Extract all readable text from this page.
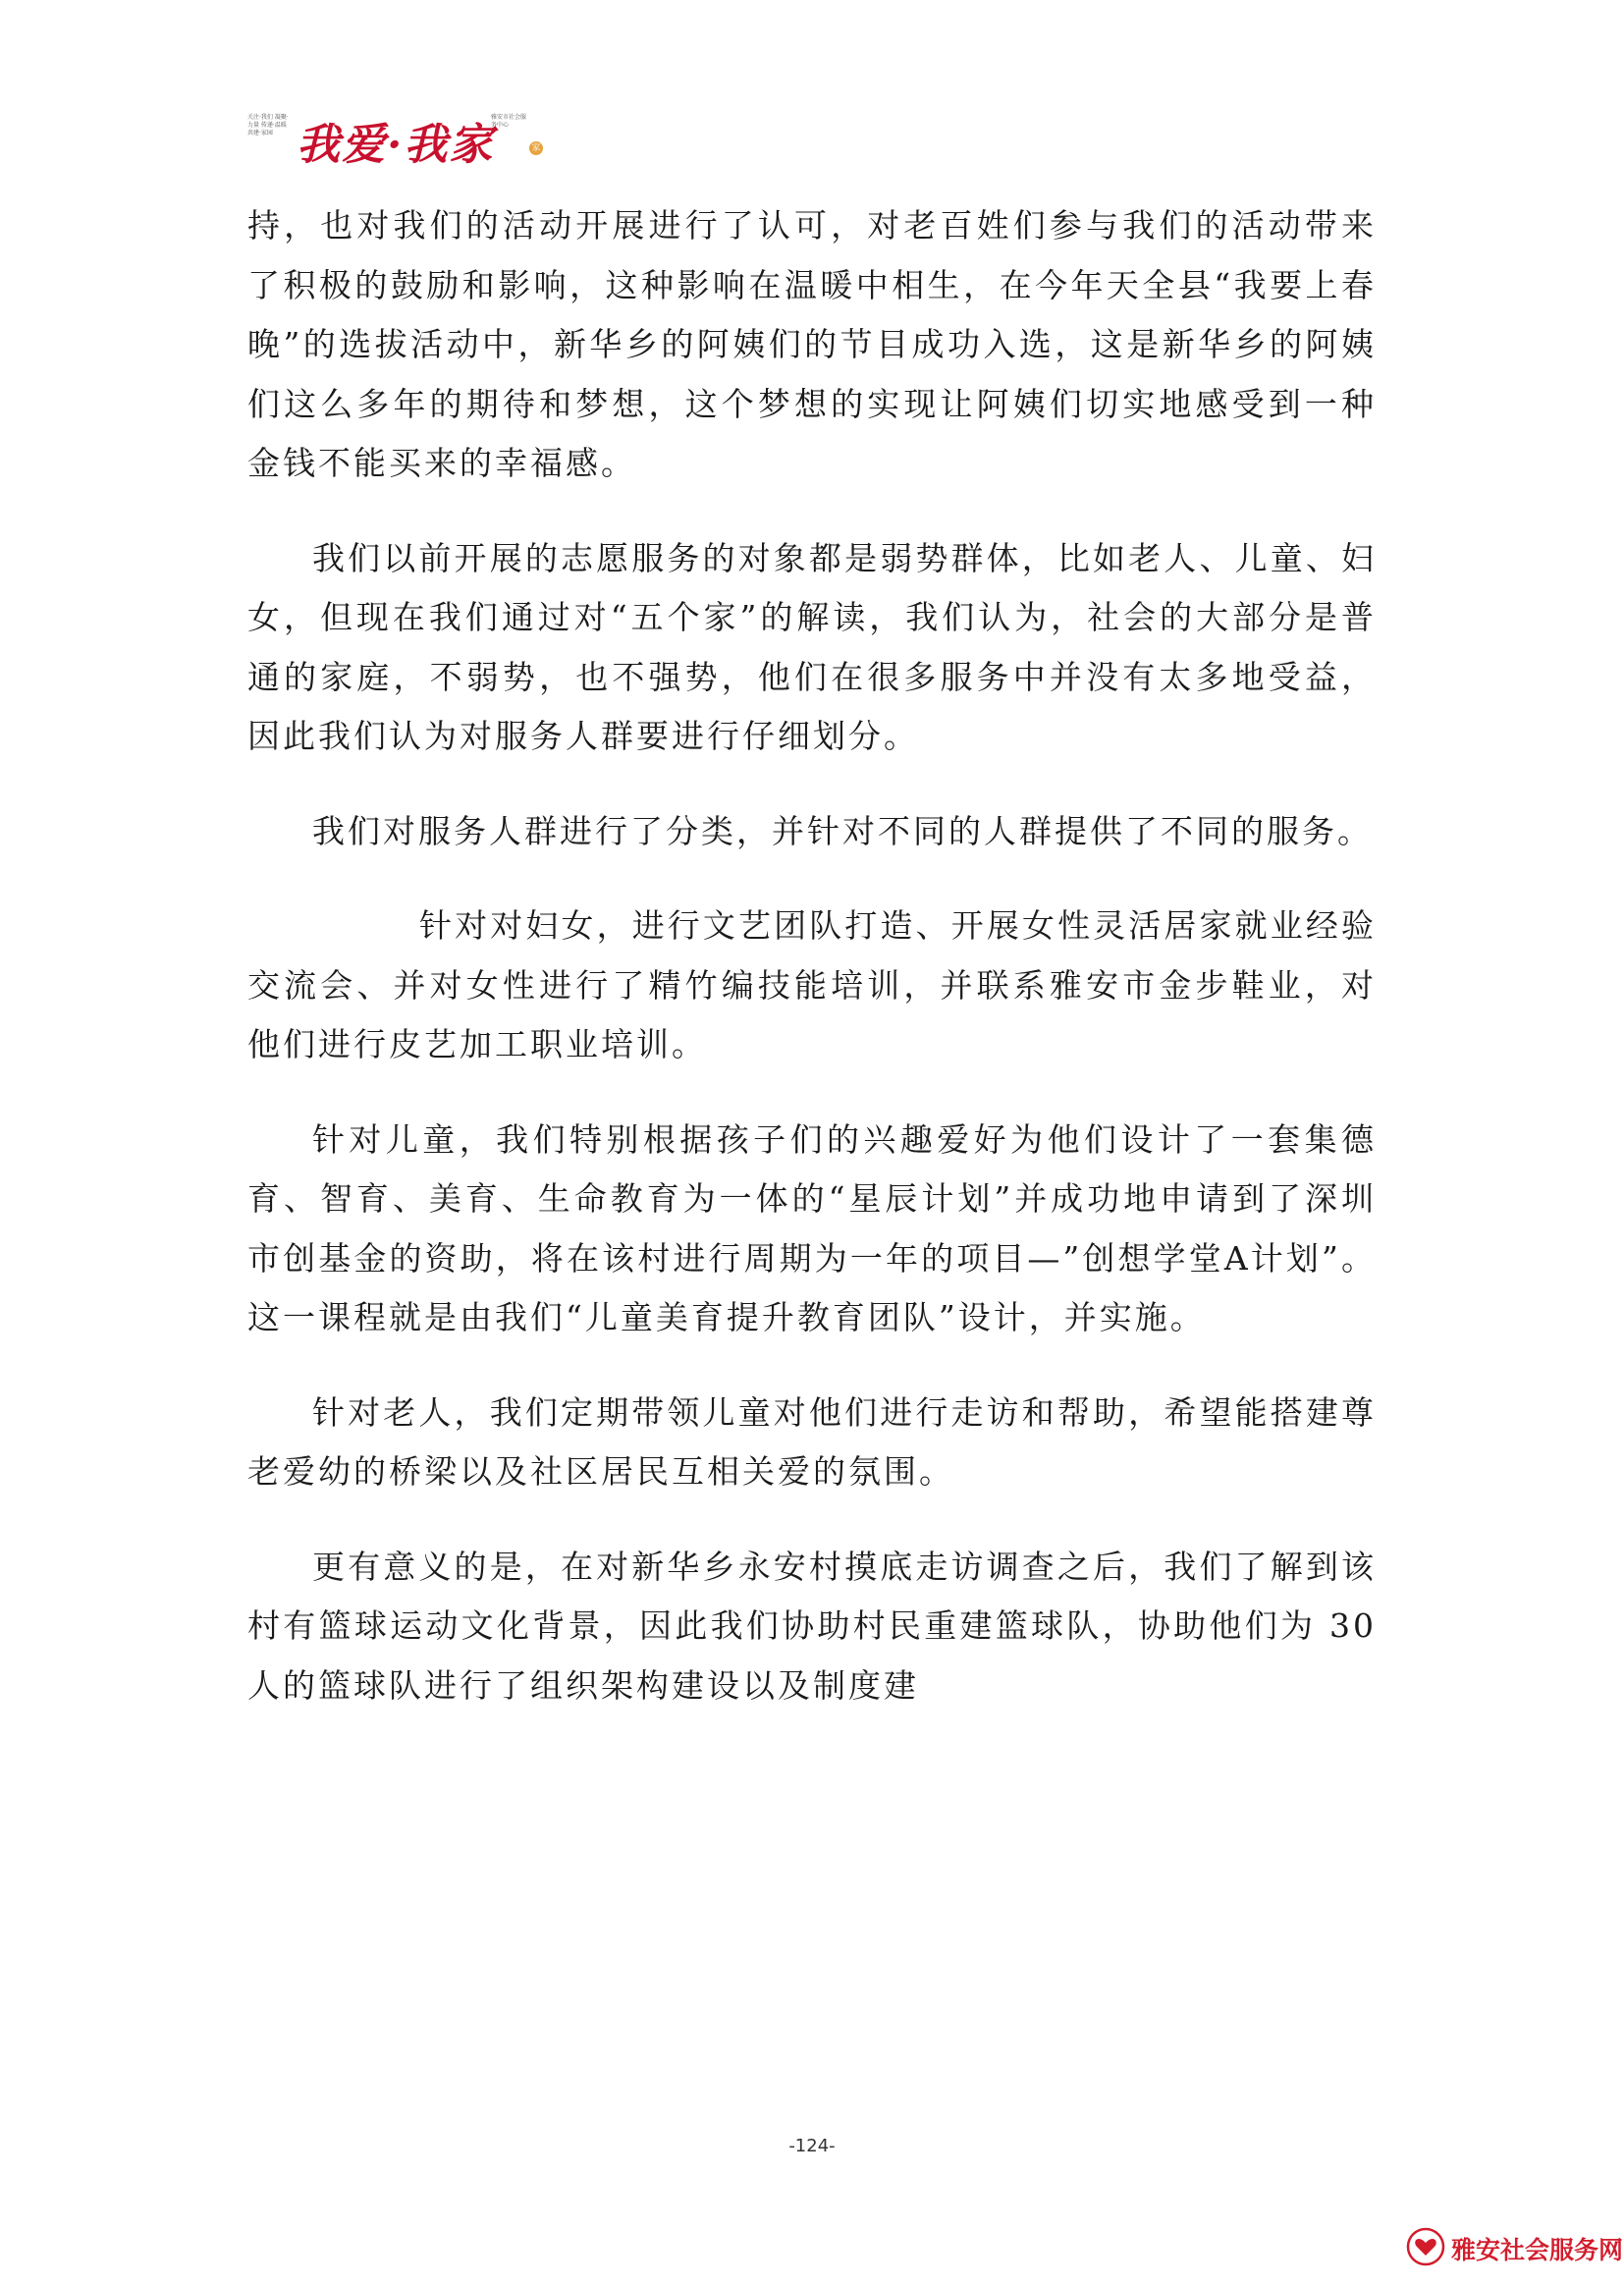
关注·我们 凝聚·力量 传递·温暖 共建·家园 我爱·我家
雅安市社会服务中心
家

持，也对我们的活动开展进行了认可，对老百姓们参与我们的活动带来了积极的鼓励和影响，这种影响在温暖中相生，在今年天全县“我要上春晚”的选拔活动中，新华乡的阿姨们的节目成功入选，这是新华乡的阿姨们这么多年的期待和梦想，这个梦想的实现让阿姨们切实地感受到一种金钱不能买来的幸福感。

我们以前开展的志愿服务的对象都是弱势群体，比如老人、儿童、妇女，但现在我们通过对“五个家”的解读，我们认为，社会的大部分是普通的家庭，不弱势，也不强势，他们在很多服务中并没有太多地受益，因此我们认为对服务人群要进行仔细划分。

我们对服务人群进行了分类，并针对不同的人群提供了不同的服务。

针对对妇女，进行文艺团队打造、开展女性灵活居家就业经验交流会、并对女性进行了精竹编技能培训，并联系雅安市金步鞋业，对他们进行皮艺加工职业培训。

针对儿童，我们特别根据孩子们的兴趣爱好为他们设计了一套集德育、智育、美育、生命教育为一体的“星辰计划”并成功地申请到了深圳市创基金的资助，将在该村进行周期为一年的项目—”创想学堂A计划”。这一课程就是由我们“儿童美育提升教育团队”设计，并实施。

针对老人，我们定期带领儿童对他们进行走访和帮助，希望能搭建尊老爱幼的桥梁以及社区居民互相关爱的氛围。

更有意义的是，在对新华乡永安村摸底走访调查之后，我们了解到该村有篮球运动文化背景，因此我们协助村民重建篮球队，协助他们为 30 人的篮球队进行了组织架构建设以及制度建

-124-
雅安社会服务网
